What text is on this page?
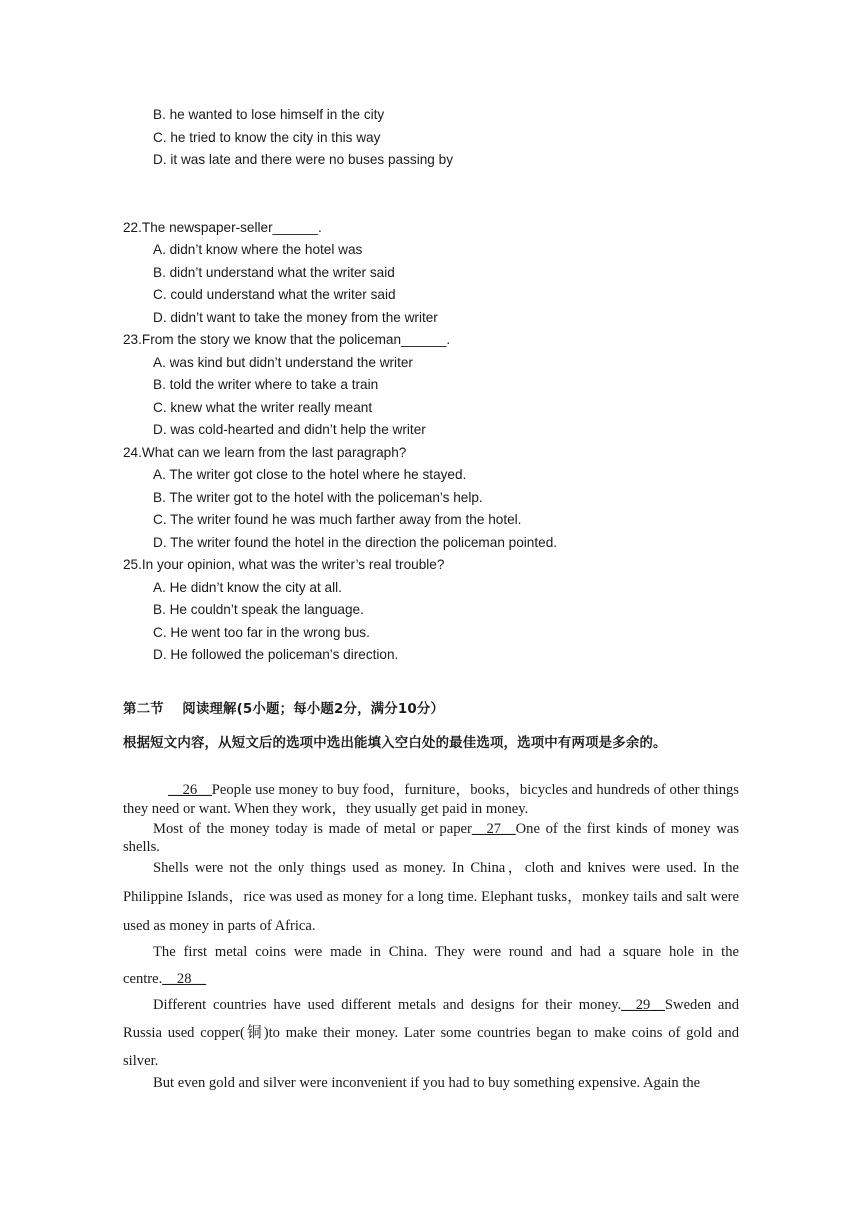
B. he wanted to lose himself in the city
C. he tried to know the city in this way
D. it was late and there were no buses passing by
22.The newspaper-seller______.
A. didn’t know where the hotel was
B. didn’t understand what the writer said
C. could understand what the writer said
D. didn’t want to take the money from the writer
23.From the story we know that the policeman______.
A. was kind but didn’t understand the writer
B. told the writer where to take a train
C. knew what the writer really meant
D. was cold-hearted and didn’t help the writer
24.What can we learn from the last paragraph?
A. The writer got close to the hotel where he stayed.
B. The writer got to the hotel with the policeman’s help.
C. The writer found he was much farther away from the hotel.
D. The writer found the hotel in the direction the policeman pointed.
25.In your opinion, what was the writer’s real trouble?
A. He didn’t know the city at all.
B. He couldn’t speak the language.
C. He went too far in the wrong bus.
D. He followed the policeman’s direction.
第二节　 阅读理解(5小题；每小题2分，满分10分）
根据短文内容，从短文后的选项中选出能填入空白处的最佳选项，选项中有两项是多余的。

__26__People use money to buy food，furniture，books，bicycles and hundreds of other things they need or want. When they work，they usually get paid in money.

Most of the money today is made of metal or paper__27__One of the first kinds of money was shells.

Shells were not the only things used as money. In China，cloth and knives were used. In the Philippine Islands，rice was used as money for a long time. Elephant tusks，monkey tails and salt were used as money in parts of Africa.

The first metal coins were made in China. They were round and had a square hole in the centre.__28__

Different countries have used different metals and designs for their money.__29__Sweden and Russia used copper(铜)to make their money. Later some countries began to make coins of gold and silver.

But even gold and silver were inconvenient if you had to buy something expensive. Again the
